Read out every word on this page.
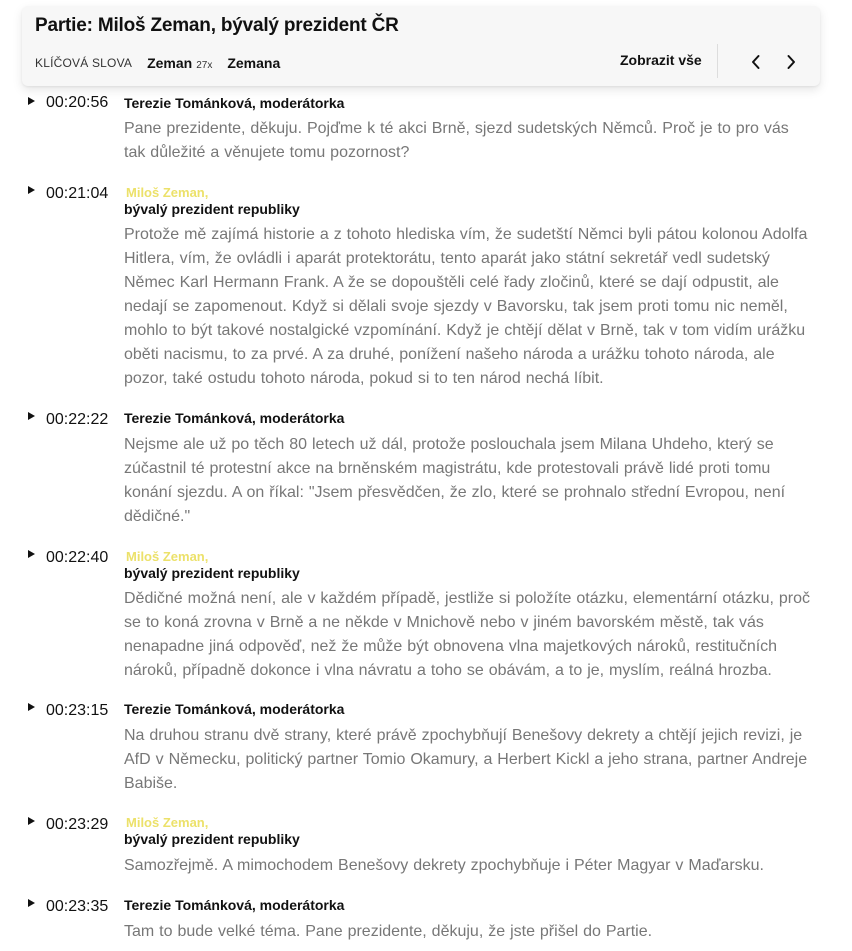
Partie: Miloš Zeman, bývalý prezident ČR
KLÍČOVÁ SLOVA Zeman 27x Zemana	Zobrazit vše
00:20:56 Terezie Tománková, moderátorka
Pane prezidente, děkuju. Pojďme k té akci Brně, sjezd sudetských Němců. Proč je to pro vás tak důležité a věnujete tomu pozornost?
00:21:04 Miloš Zeman,
bývalý prezident republiky
Protože mě zajímá historie a z tohoto hlediska vím, že sudetští Němci byli pátou kolonou Adolfa Hitlera, vím, že ovládli i aparát protektorátu, tento aparát jako státní sekretář vedl sudetský Němec Karl Hermann Frank. A že se dopouštěli celé řady zločinů, které se dají odpustit, ale nedají se zapomenout. Když si dělali svoje sjezdy v Bavorsku, tak jsem proti tomu nic neměl, mohlo to být takové nostalgické vzpomínání. Když je chtějí dělat v Brně, tak v tom vidím urážku oběti nacismu, to za prvé. A za druhé, ponížení našeho národa a urážku tohoto národa, ale pozor, také ostudu tohoto národa, pokud si to ten národ nechá líbit.
00:22:22 Terezie Tománková, moderátorka
Nejsme ale už po těch 80 letech už dál, protože poslouchala jsem Milana Uhdeho, který se zúčastnil té protestní akce na brněnském magistrátu, kde protestovali právě lidé proti tomu konání sjezdu. A on říkal: "Jsem přesvědčen, že zlo, které se prohnalo střední Evropou, není dědičné."
00:22:40 Miloš Zeman,
bývalý prezident republiky
Dědičné možná není, ale v každém případě, jestliže si položíte otázku, elementární otázku, proč se to koná zrovna v Brně a ne někde v Mnichově nebo v jiném bavorském městě, tak vás nenapadne jiná odpověď, než že může být obnovena vlna majetkových nároků, restitučních nároků, případně dokonce i vlna návratu a toho se obávám, a to je, myslím, reálná hrozba.
00:23:15 Terezie Tománková, moderátorka
Na druhou stranu dvě strany, které právě zpochybňují Benešovy dekrety a chtějí jejich revizi, je AfD v Německu, politický partner Tomio Okamury, a Herbert Kickl a jeho strana, partner Andreje Babiše.
00:23:29 Miloš Zeman,
bývalý prezident republiky
Samozřejmě. A mimochodem Benešovy dekrety zpochybňuje i Péter Magyar v Maďarsku.
00:23:35 Terezie Tománková, moderátorka
Tam to bude velké téma. Pane prezidente, děkuju, že jste přišel do Partie.
